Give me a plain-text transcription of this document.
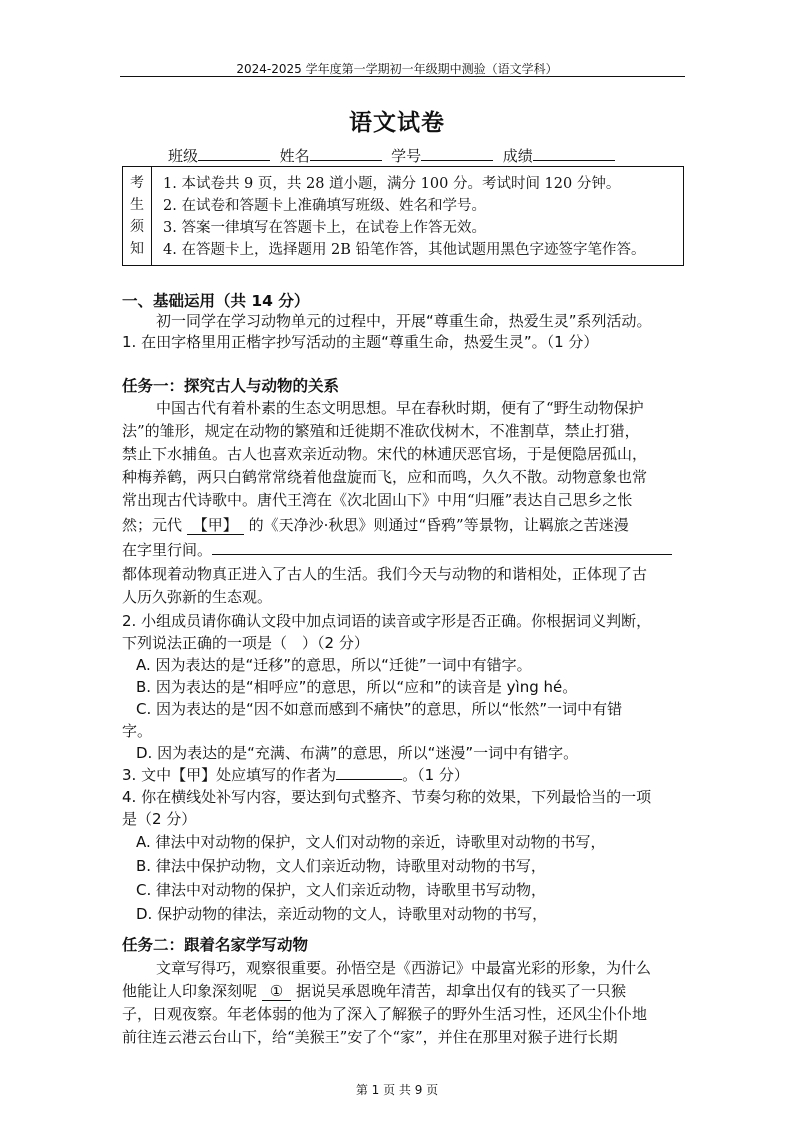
2024-2025 学年度第一学期初一年级期中测验（语文学科）
语文试卷
班级	姓名	学号	成绩
考
生
须
知
1. 本试卷共 9 页，共 28 道小题，满分 100 分。考试时间 120 分钟。
2. 在试卷和答题卡上准确填写班级、姓名和学号。
3. 答案一律填写在答题卡上，在试卷上作答无效。
4. 在答题卡上，选择题用 2B 铅笔作答，其他试题用黑色字迹签字笔作答。
一、基础运用（共 14 分）
初一同学在学习动物单元的过程中，开展“尊重生命，热爱生灵”系列活动。
1. 在田字格里用正楷字抄写活动的主题“尊重生命，热爱生灵”。（1 分）
任务一：探究古人与动物的关系
中国古代有着朴素的生态文明思想。早在春秋时期，便有了“野生动物保护
法”的雏形，规定在动物的繁殖和迁徙期不准砍伐树木，不准割草，禁止打猎，
禁止下水捕鱼。古人也喜欢亲近动物。宋代的林逋厌恶官场，于是便隐居孤山，
种梅养鹤，两只白鹤常常绕着他盘旋而飞，应和而鸣，久久不散。动物意象也常
常出现古代诗歌中。唐代王湾在《次北固山下》中用“归雁”表达自己思乡之怅
然；元代 【甲】 的《天净沙·秋思》则通过“昏鸦”等景物，让羁旅之苦迷漫
在字里行间。
都体现着动物真正进入了古人的生活。我们今天与动物的和谐相处，正体现了古
人历久弥新的生态观。
2. 小组成员请你确认文段中加点词语的读音或字形是否正确。你根据词义判断，
下列说法正确的一项是（　）（2 分）
A. 因为表达的是“迁移”的意思，所以“迁徙”一词中有错字。
B. 因为表达的是“相呼应”的意思，所以“应和”的读音是 yìng hé。
C. 因为表达的是“因不如意而感到不痛快”的意思，所以“怅然”一词中有错
字。
D. 因为表达的是“充满、布满”的意思，所以“迷漫”一词中有错字。
3. 文中【甲】处应填写的作者为	。（1 分）
4. 你在横线处补写内容，要达到句式整齐、节奏匀称的效果，下列最恰当的一项
是（2 分）
A. 律法中对动物的保护，文人们对动物的亲近，诗歌里对动物的书写，
B. 律法中保护动物，文人们亲近动物，诗歌里对动物的书写，
C. 律法中对动物的保护，文人们亲近动物，诗歌里书写动物，
D. 保护动物的律法，亲近动物的文人，诗歌里对动物的书写，
任务二：跟着名家学写动物
文章写得巧，观察很重要。孙悟空是《西游记》中最富光彩的形象，为什么
他能让人印象深刻呢 ① 据说吴承恩晚年清苦，却拿出仅有的钱买了一只猴
子，日观夜察。年老体弱的他为了深入了解猴子的野外生活习性，还风尘仆仆地
前往连云港云台山下，给“美猴王”安了个“家”，并住在那里对猴子进行长期
第 1 页 共 9 页
